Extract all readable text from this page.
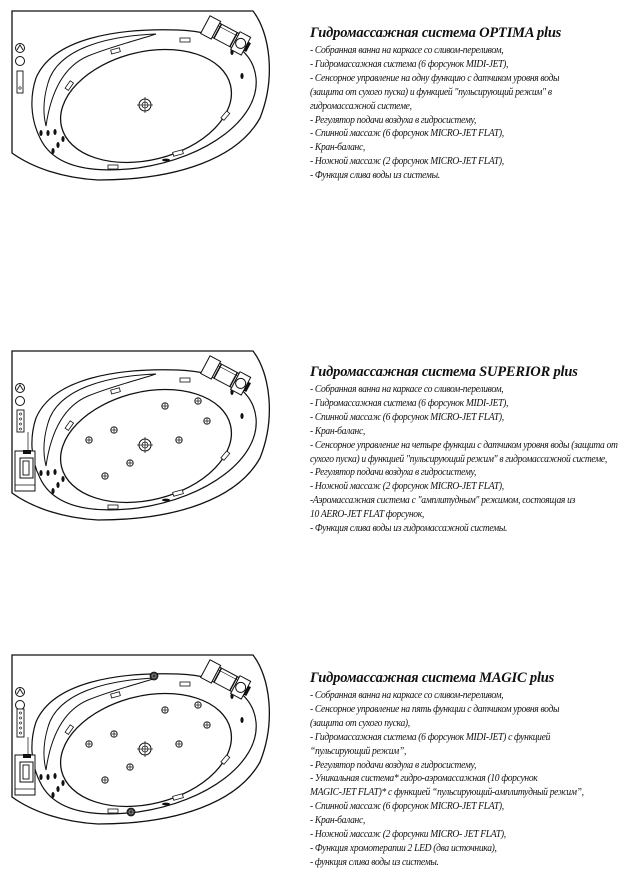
Гидромассажная система OPTIMA plus
- Собранная ванна на каркасе со сливом-переливом,
- Гидромассажная система (6 форсунок MIDI-JET),
- Сенсорное управление на одну функцию с датчиком уровня воды
(защита от сухого пуска) и функцией "пульсирующий режим" в
гидромассажной системе,
- Регулятор подачи воздуха в гидросистему,
- Спинной массаж (6 форсунок MICRO-JET FLAT),
- Кран-баланс,
- Ножной массаж (2 форсунок MICRO-JET FLAT),
- Функция слива воды из системы.
Гидромассажная система SUPERIOR plus
- Собранная ванна на каркасе со сливом-переливом,
- Гидромассажная система (6 форсунок MIDI-JET),
- Спинной массаж (6 форсунок MICRO-JET FLAT),
- Кран-баланс,
- Сенсорное управление на четыре функции с датчиком уровня воды (защита от
сухого пуска) и функцией "пульсирующий режим" в гидромассажной системе,
- Регулятор подачи воздуха в гидросистему,
- Ножной массаж (2 форсунок MICRO-JET FLAT),
-Аэромассажная система с "амплитудным" режимом, состоящая из
10 AERO-JET FLAT форсунок,
- Функция слива воды из гидромассажной системы.
Гидромассажная система MAGIC plus
- Собранная ванна на каркасе со сливом-переливом,
- Сенсорное управление на пять функции с датчиком уровня воды
(защита от сухого пуска),
- Гидромассажная система (6 форсунок MIDI-JET) с функцией
“пульсирующий режим”,
- Регулятор подачи воздуха в гидросистему,
- Уникальная система* гидро-аэромассажная (10 форсунок
MAGIC-JET FLAT)* с функцией “пульсирующий-амплитудный режим”,
- Спинной массаж (6 форсунок MICRO-JET FLAT),
- Кран-баланс,
- Ножной массаж (2 форсунки MICRO- JET FLAT),
- Функция хромотерапии 2 LED (два источника),
- функция слива воды из системы.
